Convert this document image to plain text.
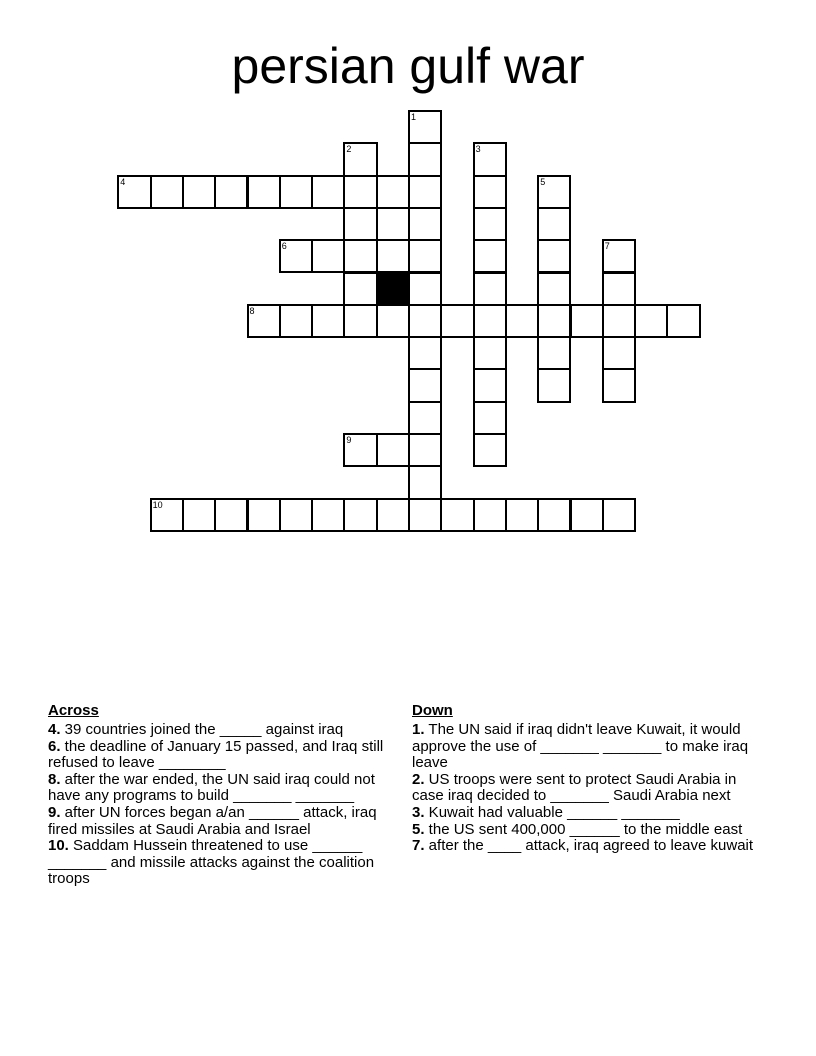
persian gulf war
1
2	3
4	5
6	7
8
9
10
Across

4. 39 countries joined the _____ against iraq

6. the deadline of January 15 passed, and Iraq still refused to leave ________

8. after the war ended, the UN said iraq could not have any programs to build _______ _______

9. after UN forces began a/an ______ attack, iraq fired missiles at Saudi Arabia and Israel

10. Saddam Hussein threatened to use ______ _______ and missile attacks against the coalition troops

Down

1. The UN said if iraq didn't leave Kuwait, it would approve the use of _______ _______ to make iraq leave

2. US troops were sent to protect Saudi Arabia in case iraq decided to _______ Saudi Arabia next

3. Kuwait had valuable ______ _______

5. the US sent 400,000 ______ to the middle east

7. after the ____ attack, iraq agreed to leave kuwait
